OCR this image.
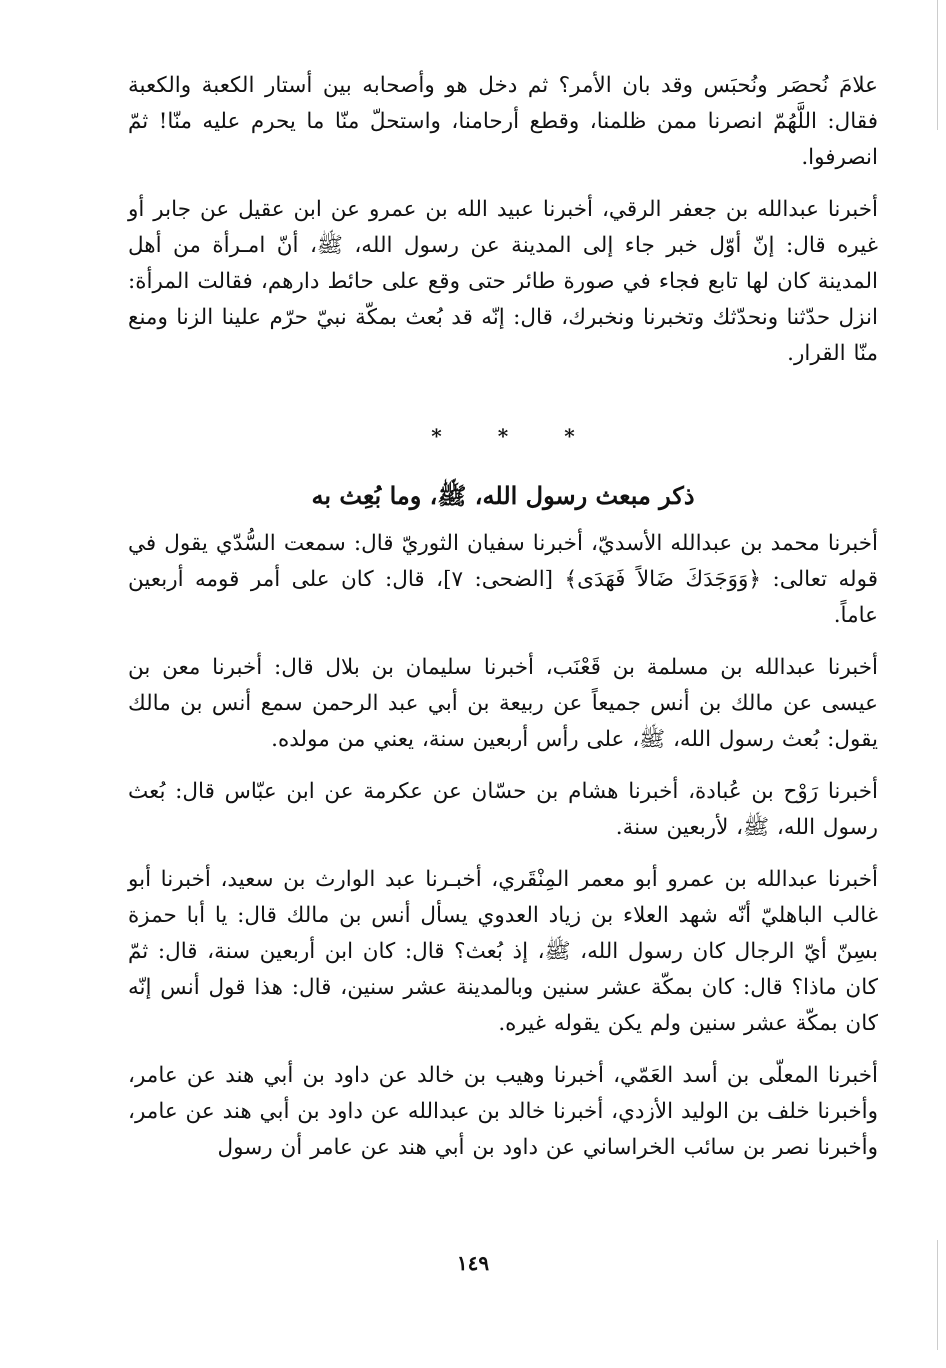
علامَ نُحصَر ونُحبَس وقد بان الأمر؟ ثم دخل هو وأصحابه بين أستار الكعبة والكعبة فقال: اللَّهُمّ انصرنا ممن ظلمنا، وقطع أرحامنا، واستحلّ منّا ما يحرم عليه منّا! ثمّ انصرفوا.

أخبرنا عبدالله بن جعفر الرقي، أخبرنا عبيد الله بن عمرو عن ابن عقيل عن جابر أو غيره قال: إنّ أوّل خبر جاء إلى المدينة عن رسول الله، ﷺ، أنّ امـرأة من أهل المدينة كان لها تابع فجاء في صورة طائر حتى وقع على حائط دارهم، فقالت المرأة: انزل حدّثنا ونحدّثك وتخبرنا ونخبرك، قال: إنّه قد بُعث بمكّة نبيّ حرّم علينا الزنا ومنع منّا القرار.

*
*
*
ذكر مبعث رسول الله، ﷺ، وما بُعِث به

أخبرنا محمد بن عبدالله الأسديّ، أخبرنا سفيان الثوريّ قال: سمعت السُّدّي يقول في قوله تعالى: ﴿وَوَجَدَكَ ضَالاً فَهَدَى﴾ [الضحى: ٧]، قال: كان على أمر قومه أربعين عاماً.

أخبرنا عبدالله بن مسلمة بن قَعْنَب، أخبرنا سليمان بن بلال قال: أخبرنا معن بن عيسى عن مالك بن أنس جميعاً عن ربيعة بن أبي عبد الرحمن سمع أنس بن مالك يقول: بُعث رسول الله، ﷺ، على رأس أربعين سنة، يعني من مولده.

أخبرنا رَوْح بن عُبادة، أخبرنا هشام بن حسّان عن عكرمة عن ابن عبّاس قال: بُعث رسول الله، ﷺ، لأربعين سنة.

أخبرنا عبدالله بن عمرو أبو معمر المِنْقَري، أخبـرنا عبد الوارث بن سعيد، أخبرنا أبو غالب الباهليّ أنّه شهد العلاء بن زياد العدوي يسأل أنس بن مالك قال: يا أبا حمزة بسِنّ أيّ الرجال كان رسول الله، ﷺ، إذ بُعث؟ قال: كان ابن أربعين سنة، قال: ثمّ كان ماذا؟ قال: كان بمكّة عشر سنين وبالمدينة عشر سنين، قال: هذا قول أنس إنّه كان بمكّة عشر سنين ولم يكن يقوله غيره.

أخبرنا المعلّى بن أسد العَمّي، أخبرنا وهيب بن خالد عن داود بن أبي هند عن عامر، وأخبرنا خلف بن الوليد الأزدي، أخبرنا خالد بن عبدالله عن داود بن أبي هند عن عامر، وأخبرنا نصر بن سائب الخراساني عن داود بن أبي هند عن عامر أن رسول

١٤٩
